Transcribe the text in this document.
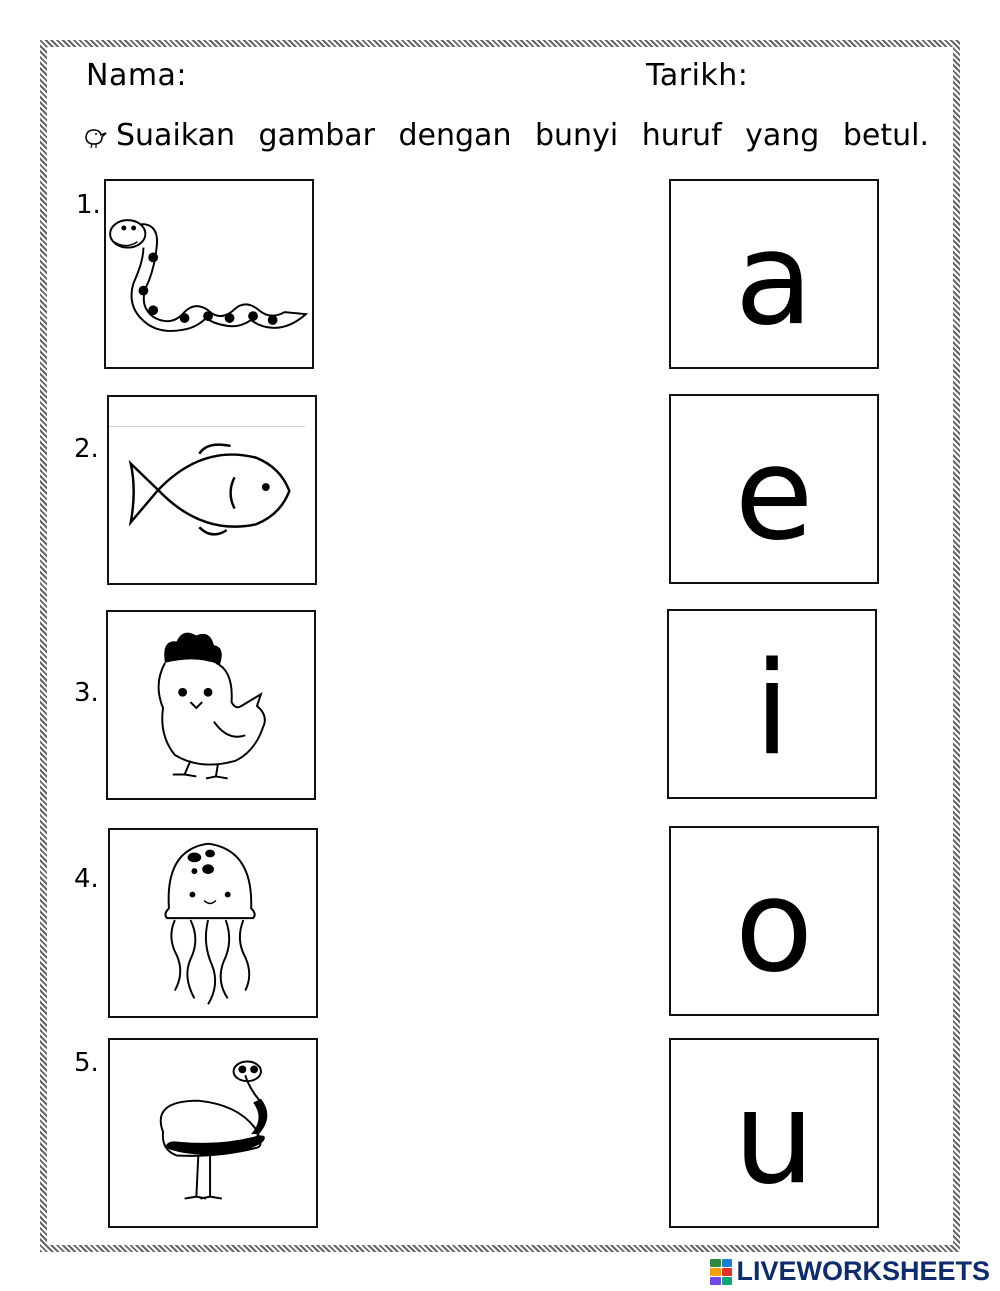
Nama:	Tarikh:
Suaikan gambar dengan bunyi huruf yang betul.
1.
2.
3.
4.
5.
a
e
i
o
u
LIVEWORKSHEETS
